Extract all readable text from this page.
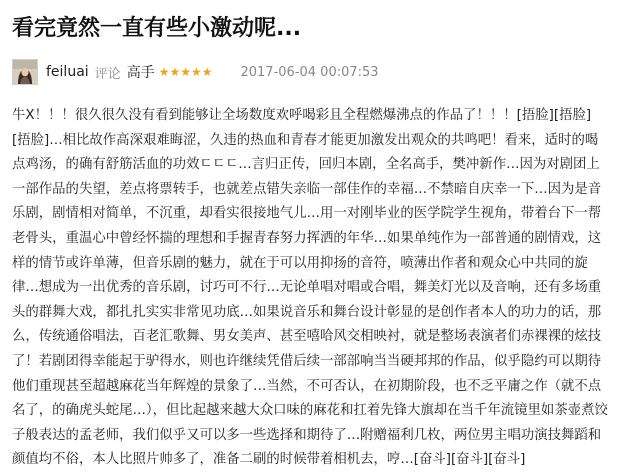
看完竟然一直有些小激动呢...
feiluai 评论 高手 ★★★★★ 2017-06-04 00:07:53

牛X！！！很久很久没有看到能够让全场数度欢呼喝彩且全程燃爆沸点的作品了！！！[捂脸][捂脸][捂脸]…相比故作高深艰难晦涩，久违的热血和青春才能更加激发出观众的共鸣吧！看来，适时的喝点鸡汤，的确有舒筋活血的功效ㄷㄷㄷ…言归正传，回归本剧，全名高手，樊冲新作…因为对剧团上一部作品的失望，差点将票转手，也就差点错失亲临一部佳作的幸福…不禁暗自庆幸一下…因为是音乐剧，剧情相对简单，不沉重，却看实很接地气儿…用一对刚毕业的医学院学生视角，带着台下一帮老骨头，重温心中曾经怀揣的理想和手握青春努力挥洒的年华…如果单纯作为一部普通的剧情戏，这样的情节或许单薄，但音乐剧的魅力，就在于可以用抑扬的音符，喷薄出作者和观众心中共同的旋律…想成为一出优秀的音乐剧，讨巧可不行…无论单唱对唱或合唱，舞美灯光以及音响，还有多场重头的群舞大戏，都扎扎实实非常见功底…如果说音乐和舞台设计彰显的是创作者本人的功力的话，那么，传统通俗唱法，百老汇歌舞、男女美声、甚至嘻哈风交相映衬，就是整场表演者们赤裸裸的炫技了！若剧团得幸能起于驴得水，则也许继续凭借后续一部部响当当硬邦邦的作品，似乎隐约可以期待他们重现甚至超越麻花当年辉煌的景象了…当然，不可否认，在初期阶段，也不乏平庸之作（就不点名了，的确虎头蛇尾…），但比起越来越大众口味的麻花和扛着先锋大旗却在当千年流镜里如茶壶煮饺子般表达的孟老师，我们似乎又可以多一些选择和期待了…附赠福利几枚，两位男主唱功演技舞蹈和颜值均不俗，本人比照片帅多了，准备二刷的时候带着相机去，哼…[奋斗][奋斗][奋斗]
